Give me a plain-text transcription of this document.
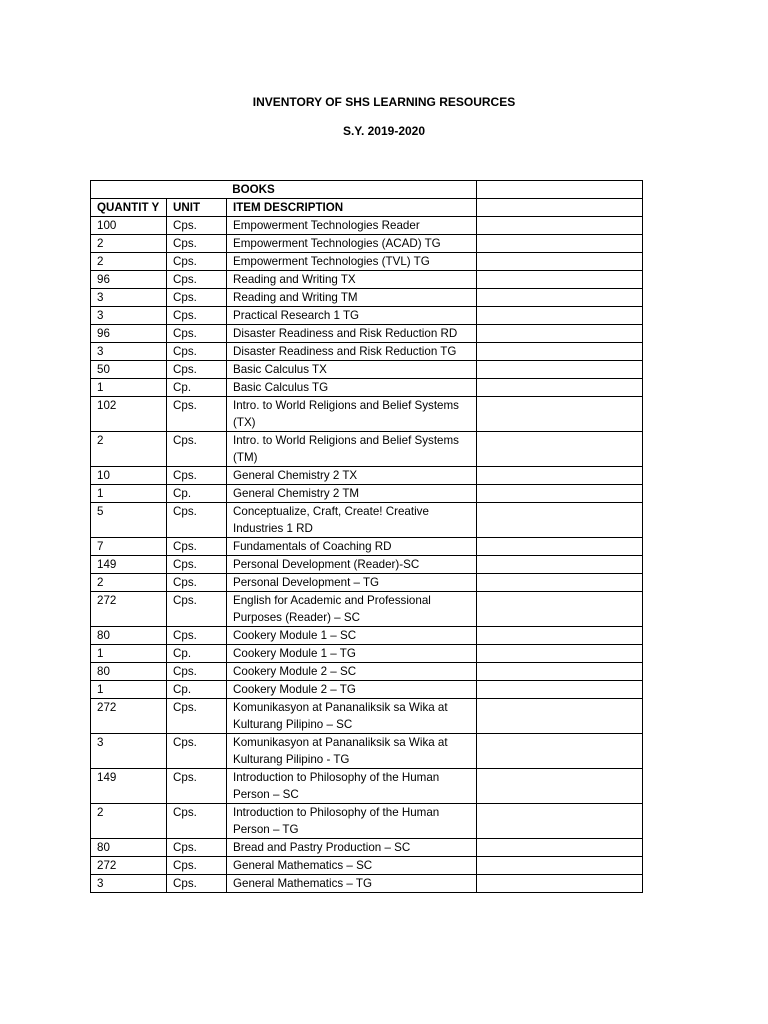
INVENTORY OF SHS LEARNING RESOURCES
S.Y. 2019-2020
BOOKS			
QUANTIT Y	UNIT	ITEM DESCRIPTION	
100	Cps.	Empowerment Technologies Reader	
2	Cps.	Empowerment Technologies (ACAD) TG	
2	Cps.	Empowerment Technologies (TVL) TG	
96	Cps.	Reading and Writing TX	
3	Cps.	Reading and Writing TM	
3	Cps.	Practical Research 1 TG	
96	Cps.	Disaster Readiness and Risk Reduction RD	
3	Cps.	Disaster Readiness and Risk Reduction TG	
50	Cps.	Basic Calculus TX	
1	Cp.	Basic Calculus TG	
102	Cps.	Intro. to World Religions and Belief Systems (TX)	
2	Cps.	Intro. to World Religions and Belief Systems (TM)	
10	Cps.	General Chemistry 2 TX	
1	Cp.	General Chemistry 2 TM	
5	Cps.	Conceptualize, Craft, Create! Creative Industries 1 RD	
7	Cps.	Fundamentals of Coaching RD	
149	Cps.	Personal Development (Reader)-SC	
2	Cps.	Personal Development – TG	
272	Cps.	English for Academic and Professional Purposes (Reader) – SC	
80	Cps.	Cookery Module 1 – SC	
1	Cp.	Cookery Module 1 – TG	
80	Cps.	Cookery Module 2 – SC	
1	Cp.	Cookery Module 2 – TG	
272	Cps.	Komunikasyon at Pananaliksik sa Wika at Kulturang Pilipino – SC	
3	Cps.	Komunikasyon at Pananaliksik sa Wika at Kulturang Pilipino - TG	
149	Cps.	Introduction to Philosophy of the Human Person – SC	
2	Cps.	Introduction to Philosophy of the Human Person – TG	
80	Cps.	Bread and Pastry Production – SC	
272	Cps.	General Mathematics – SC	
3	Cps.	General Mathematics – TG	
